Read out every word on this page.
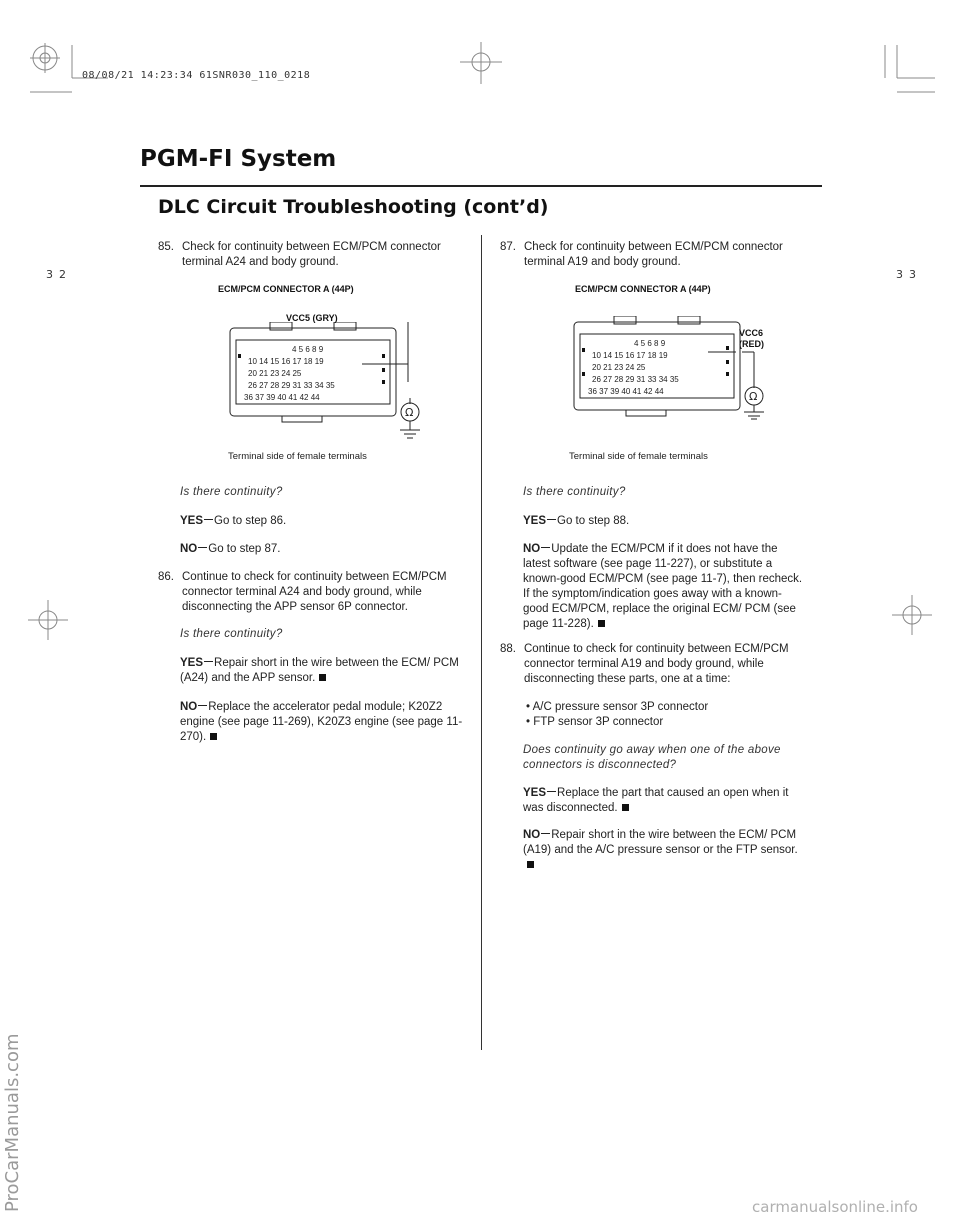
08/08/21 14:23:34 61SNR030_110_0218
PGM-FI System
DLC Circuit Troubleshooting (cont’d)
32	33
85. Check for continuity between ECM/PCM connector terminal A24 and body ground.
ECM/PCM CONNECTOR A (44P)
VCC5 (GRY)
4 5 6 8 9
10 14 15 16 17 18 19
20 21 23 24 25
26 27 28 29 31 33 34 35
36 37 39 40 41 42 44
Ω
Terminal side of female terminals
Is there continuity?
YES Go to step 86.
NO Go to step 87.
86. Continue to check for continuity between ECM/PCM connector terminal A24 and body ground, while disconnecting the APP sensor 6P connector.
Is there continuity?
YES Repair short in the wire between the ECM/ PCM (A24) and the APP sensor.
NO Replace the accelerator pedal module; K20Z2 engine (see page 11-269), K20Z3 engine (see page 11-270).
87. Check for continuity between ECM/PCM connector terminal A19 and body ground.
ECM/PCM CONNECTOR A (44P)
VCC6
(RED)
4 5 6 8 9
10 14 15 16 17 18 19
20 21 23 24 25
26 27 28 29 31 33 34 35
36 37 39 40 41 42 44	Ω
Terminal side of female terminals
Is there continuity?
YES Go to step 88.
NO Update the ECM/PCM if it does not have the latest software (see page 11-227), or substitute a known-good ECM/PCM (see page 11-7), then recheck. If the symptom/indication goes away with a known-good ECM/PCM, replace the original ECM/ PCM (see page 11-228).
88. Continue to check for continuity between ECM/PCM connector terminal A19 and body ground, while disconnecting these parts, one at a time:
• A/C pressure sensor 3P connector
• FTP sensor 3P connector
Does continuity go away when one of the above
connectors is disconnected?
YES Replace the part that caused an open when it was disconnected.
NO Repair short in the wire between the ECM/ PCM (A19) and the A/C pressure sensor or the FTP sensor.
ProCarManuals.com	carmanualsonline.info
